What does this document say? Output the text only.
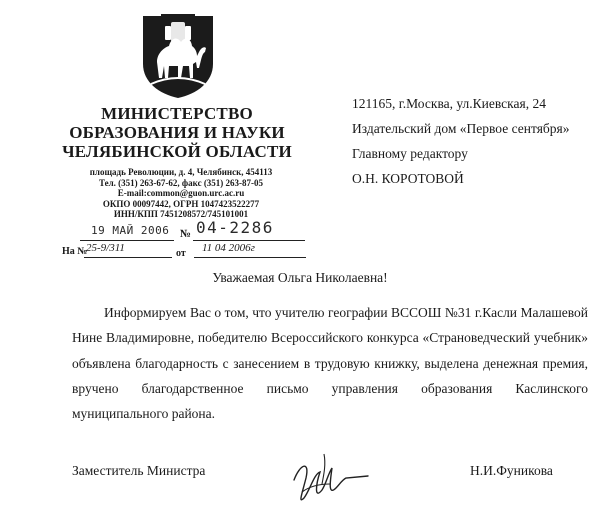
МИНИСТЕРСТВО
ОБРАЗОВАНИЯ И НАУКИ
ЧЕЛЯБИНСКОЙ ОБЛАСТИ
площадь Революции, д. 4, Челябинск, 454113
Тел. (351) 263-67-62, факс (351) 263-87-05
E-mail:common@guon.urc.ac.ru
ОКПО 00097442, ОГРН 1047423522277
ИНН/КПП 7451208572/745101001
19 МАЙ 2006 № 04-2286
На №
25-9/311	от 11 04 2006г
121165, г.Москва, ул.Киевская, 24
Издательский дом «Первое сентября»
Главному редактору
О.Н. КОРОТОВОЙ
Уважаемая Ольга Николаевна!

Информируем Вас о том, что учителю географии ВССОШ №31 г.Касли Малашевой Нине Владимировне, победителю Всероссийского конкурса «Страноведческий учебник» объявлена благодарность с занесением в трудовую книжку, выделена денежная премия, вручено благодарственное письмо управления образования Каслинского муниципального района.

Заместитель Министра	Н.И.Фуникова
